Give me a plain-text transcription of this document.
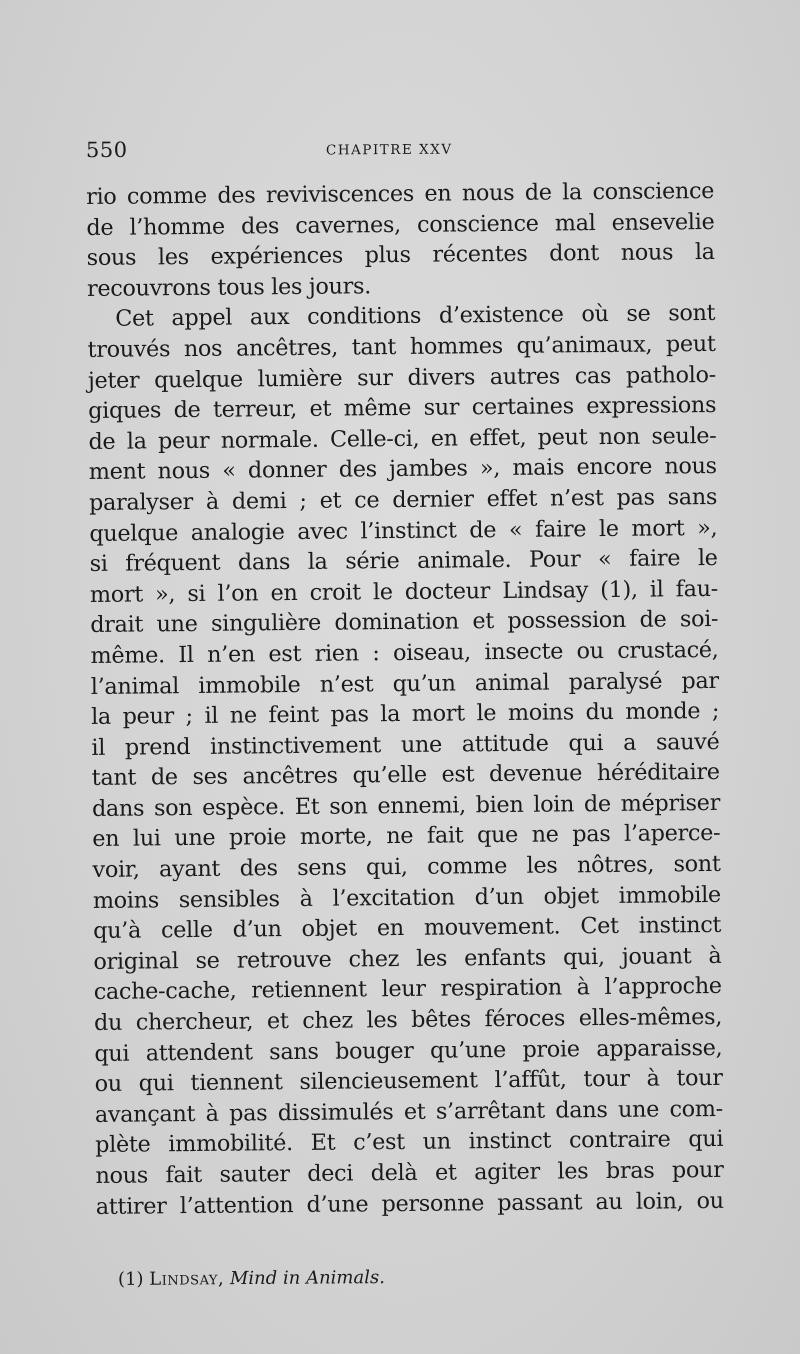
550	CHAPITRE XXV
rio comme des reviviscences en nous de la conscience
de l’homme des cavernes, conscience mal ensevelie
sous les expériences plus récentes dont nous la
recouvrons tous les jours.
Cet appel aux conditions d’existence où se sont
trouvés nos ancêtres, tant hommes qu’animaux, peut
jeter quelque lumière sur divers autres cas patholo-
giques de terreur, et même sur certaines expressions
de la peur normale. Celle-ci, en effet, peut non seule-
ment nous « donner des jambes », mais encore nous
paralyser à demi ; et ce dernier effet n’est pas sans
quelque analogie avec l’instinct de « faire le mort »,
si fréquent dans la série animale. Pour « faire le
mort », si l’on en croit le docteur Lindsay (1), il fau-
drait une singulière domination et possession de soi-
même. Il n’en est rien : oiseau, insecte ou crustacé,
l’animal immobile n’est qu’un animal paralysé par
la peur ; il ne feint pas la mort le moins du monde ;
il prend instinctivement une attitude qui a sauvé
tant de ses ancêtres qu’elle est devenue héréditaire
dans son espèce. Et son ennemi, bien loin de mépriser
en lui une proie morte, ne fait que ne pas l’aperce-
voir, ayant des sens qui, comme les nôtres, sont
moins sensibles à l’excitation d’un objet immobile
qu’à celle d’un objet en mouvement. Cet instinct
original se retrouve chez les enfants qui, jouant à
cache-cache, retiennent leur respiration à l’approche
du chercheur, et chez les bêtes féroces elles-mêmes,
qui attendent sans bouger qu’une proie apparaisse,
ou qui tiennent silencieusement l’affût, tour à tour
avançant à pas dissimulés et s’arrêtant dans une com-
plète immobilité. Et c’est un instinct contraire qui
nous fait sauter deci delà et agiter les bras pour
attirer l’attention d’une personne passant au loin, ou
(1) Lindsay, Mind in Animals.
